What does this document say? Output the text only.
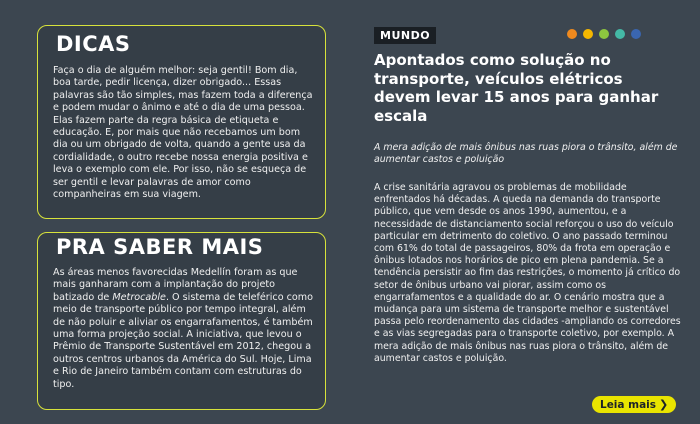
DICAS
Faça o dia de alguém melhor: seja gentil! Bom dia, boa tarde, pedir licença, dizer obrigado... Essas palavras são tão simples, mas fazem toda a diferença e podem mudar o ânimo e até o dia de uma pessoa. Elas fazem parte da regra básica de etiqueta e educação. E, por mais que não recebamos um bom dia ou um obrigado de volta, quando a gente usa da cordialidade, o outro recebe nossa energia positiva e leva o exemplo com ele. Por isso, não se esqueça de ser gentil e levar palavras de amor como companheiras em sua viagem.
PRA SABER MAIS
As áreas menos favorecidas Medellín foram as que mais ganharam com a implantação do projeto batizado de Metrocable. O sistema de teleférico como meio de transporte público por tempo integral, além de não poluir e aliviar os engarrafamentos, é também uma forma projeção social. A iniciativa, que levou o Prêmio de Transporte Sustentável em 2012, chegou a outros centros urbanos da América do Sul. Hoje, Lima e Rio de Janeiro também contam com estruturas do tipo.
MUNDO
Apontados como solução no transporte, veículos elétricos devem levar 15 anos para ganhar escala
A mera adição de mais ônibus nas ruas piora o trânsito, além de aumentar castos e poluição
A crise sanitária agravou os problemas de mobilidade enfrentados há décadas. A queda na demanda do transporte público, que vem desde os anos 1990, aumentou, e a necessidade de distanciamento social reforçou o uso do veículo particular em detrimento do coletivo. O ano passado terminou com 61% do total de passageiros, 80% da frota em operação e ônibus lotados nos horários de pico em plena pandemia. Se a tendência persistir ao fim das restrições, o momento já crítico do setor de ônibus urbano vai piorar, assim como os engarrafamentos e a qualidade do ar. O cenário mostra que a mudança para um sistema de transporte melhor e sustentável passa pelo reordenamento das cidades -ampliando os corredores e as vias segregadas para o transporte coletivo, por exemplo. A mera adição de mais ônibus nas ruas piora o trânsito, além de aumentar castos e poluição.
Leia mais ❯
